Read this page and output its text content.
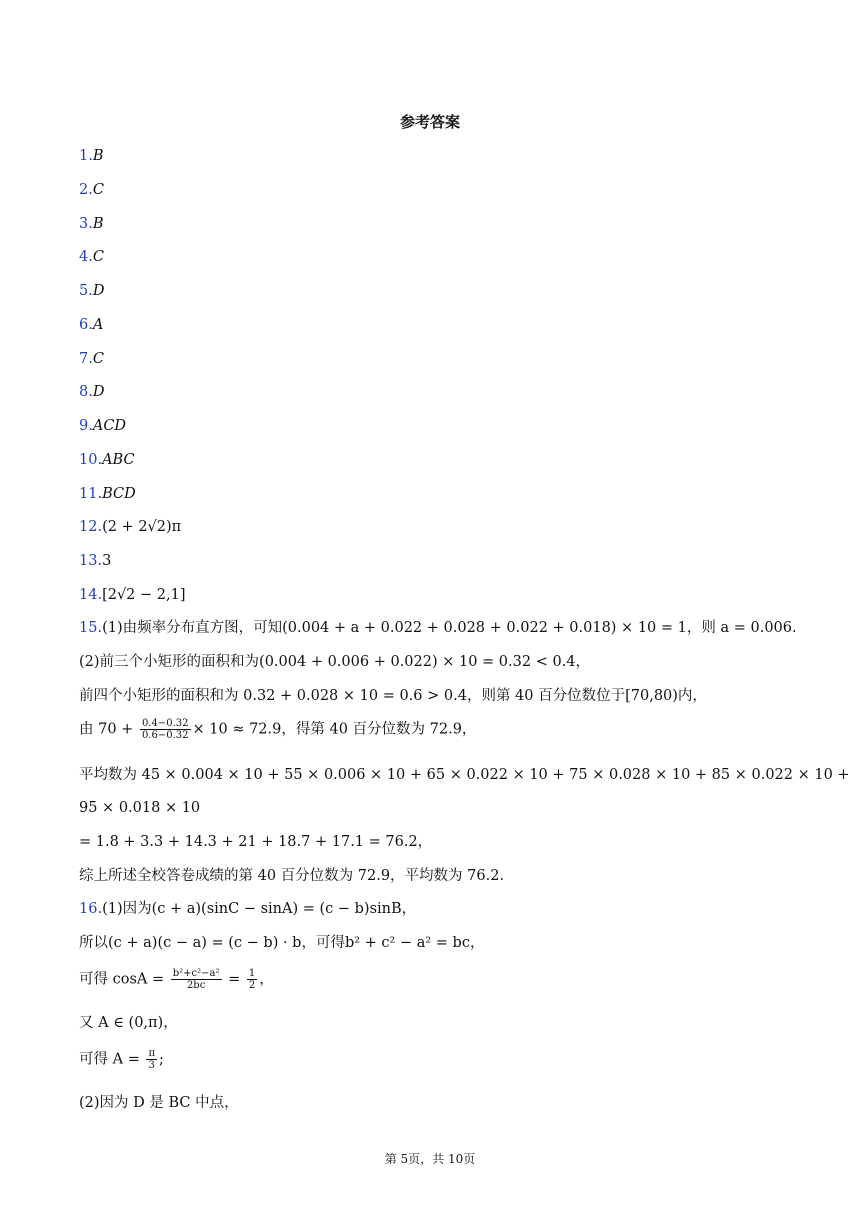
参考答案
1.B
2.C
3.B
4.C
5.D
6.A
7.C
8.D
9.ACD
10.ABC
11.BCD
12.(2 + 2√2)π
13.3
14.[2√2 − 2,1]
15.(1)由频率分布直方图，可知(0.004 + a + 0.022 + 0.028 + 0.022 + 0.018) × 10 = 1，则 a = 0.006.
(2)前三个小矩形的面积和为(0.004 + 0.006 + 0.022) × 10 = 0.32 < 0.4，
前四个小矩形的面积和为 0.32 + 0.028 × 10 = 0.6 > 0.4，则第 40 百分位数位于[70,80)内，
由 $70 + \frac{0.4-0.32}{0.6-0.32} \times 10 \approx 72.9$，得第 40 百分位数为 72.9，
平均数为 45 × 0.004 × 10 + 55 × 0.006 × 10 + 65 × 0.022 × 10 + 75 × 0.028 × 10 + 85 × 0.022 × 10 +
95 × 0.018 × 10
= 1.8 + 3.3 + 14.3 + 21 + 18.7 + 17.1 = 76.2，
综上所述全校答卷成绩的第 40 百分位数为 72.9，平均数为 76.2.
16.(1)因为(c + a)(sinC − sinA) = (c − b)sinB，
所以(c + a)(c − a) = (c − b) · b，可得b² + c² − a² = bc，
可得 $\cos A = \frac{\text{b²+c²−a²}}{2bc} = \frac{1}{2}$ ，
又 A ∈ (0,π)，
可得 $A = \frac{\pi}{3}$ ;
(2)因为 D 是 BC 中点，
第 5页，共 10页
